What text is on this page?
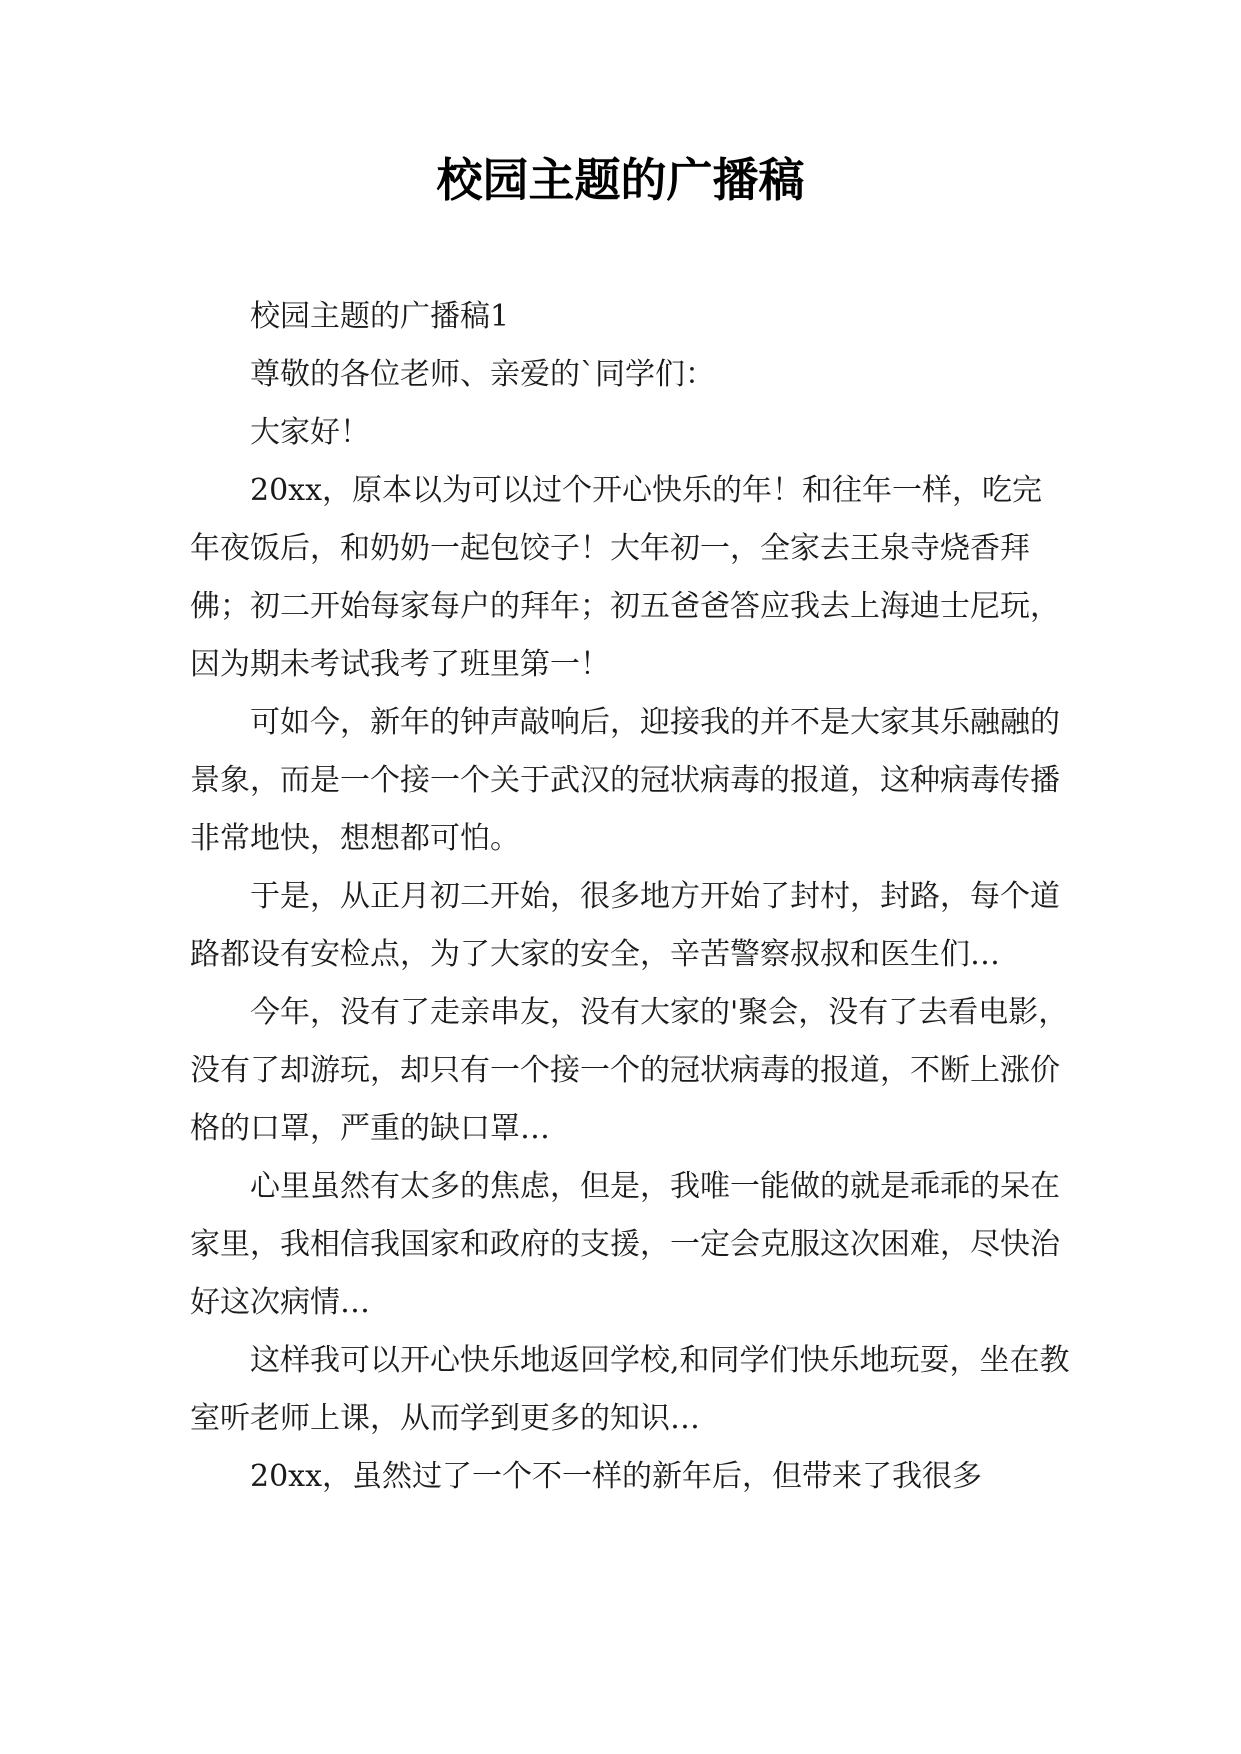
校园主题的广播稿

校园主题的广播稿1

尊敬的各位老师、亲爱的`同学们：

大家好！

20xx，原本以为可以过个开心快乐的年！和往年一样，吃完年夜饭后，和奶奶一起包饺子！大年初一，全家去王泉寺烧香拜佛；初二开始每家每户的拜年；初五爸爸答应我去上海迪士尼玩，因为期未考试我考了班里第一！

可如今，新年的钟声敲响后，迎接我的并不是大家其乐融融的景象，而是一个接一个关于武汉的冠状病毒的报道，这种病毒传播非常地快，想想都可怕。

于是，从正月初二开始，很多地方开始了封村，封路，每个道路都设有安检点，为了大家的安全，辛苦警察叔叔和医生们…

今年，没有了走亲串友，没有大家的'聚会，没有了去看电影，没有了却游玩，却只有一个接一个的冠状病毒的报道，不断上涨价格的口罩，严重的缺口罩…

心里虽然有太多的焦虑，但是，我唯一能做的就是乖乖的呆在家里，我相信我国家和政府的支援，一定会克服这次困难，尽快治好这次病情…

这样我可以开心快乐地返回学校,和同学们快乐地玩耍，坐在教室听老师上课，从而学到更多的知识…

20xx，虽然过了一个不一样的新年后，但带来了我很多
